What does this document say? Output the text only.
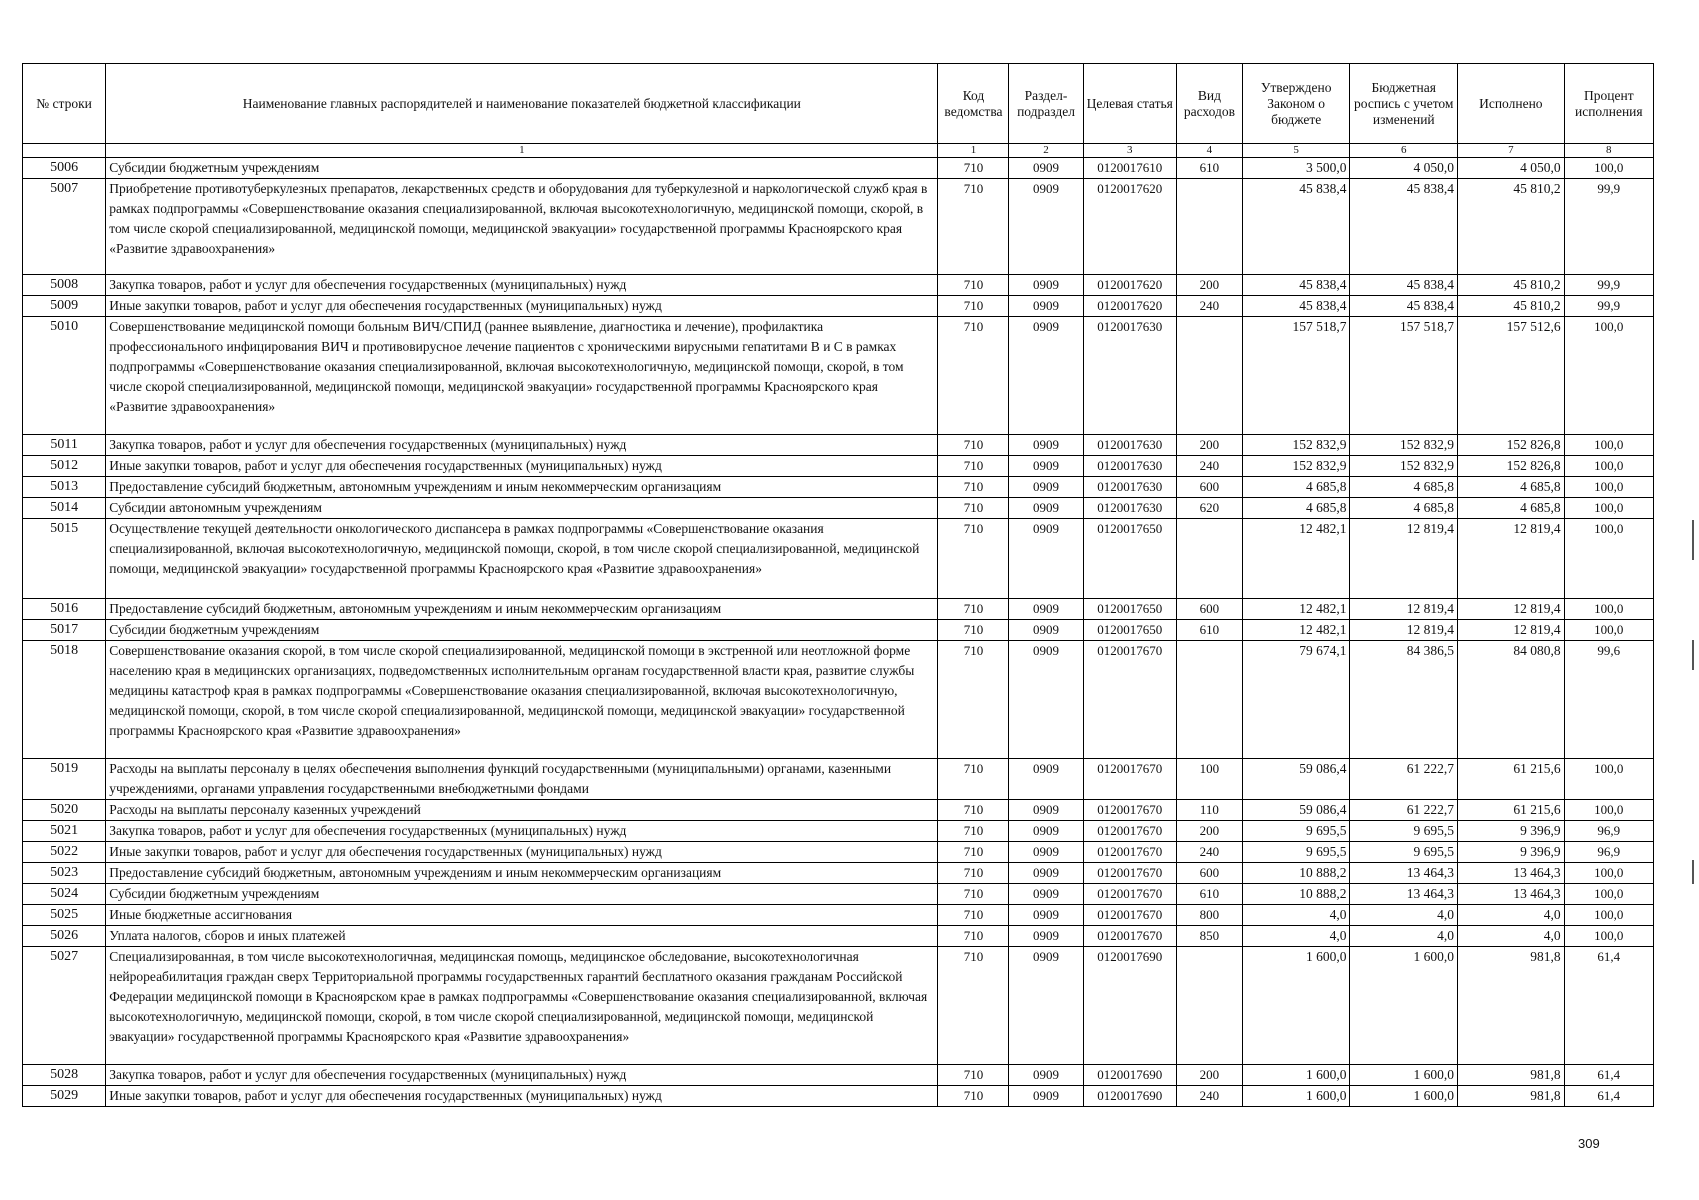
№ строки	Наименование главных распорядителей и наименование показателей бюджетной классификации	Код ведомства	Раздел-подраздел	Целевая статья	Вид расходов	Утверждено Законом о бюджете	Бюджетная роспись с учетом изменений	Исполнено	Процент исполнения
	1	1	2	3	4	5	6	7	8
5006	Субсидии бюджетным учреждениям	710	0909	0120017610	610	3 500,0	4 050,0	4 050,0	100,0
5007	Приобретение противотуберкулезных препаратов, лекарственных средств и оборудования для туберкулезной и наркологической служб края в рамках подпрограммы «Совершенствование оказания специализированной, включая высокотехнологичную, медицинской помощи, скорой, в том числе скорой специализированной, медицинской помощи, медицинской эвакуации» государственной программы Красноярского края «Развитие здравоохранения»	710	0909	0120017620		45 838,4	45 838,4	45 810,2	99,9
5008	Закупка товаров, работ и услуг для обеспечения государственных (муниципальных) нужд	710	0909	0120017620	200	45 838,4	45 838,4	45 810,2	99,9
5009	Иные закупки товаров, работ и услуг для обеспечения государственных (муниципальных) нужд	710	0909	0120017620	240	45 838,4	45 838,4	45 810,2	99,9
5010	Совершенствование медицинской помощи больным ВИЧ/СПИД (раннее выявление, диагностика и лечение), профилактика профессионального инфицирования ВИЧ и противовирусное лечение пациентов с хроническими вирусными гепатитами В и С в рамках подпрограммы «Совершенствование оказания специализированной, включая высокотехнологичную, медицинской помощи, скорой, в том числе скорой специализированной, медицинской помощи, медицинской эвакуации» государственной программы Красноярского края «Развитие здравоохранения»	710	0909	0120017630		157 518,7	157 518,7	157 512,6	100,0
5011	Закупка товаров, работ и услуг для обеспечения государственных (муниципальных) нужд	710	0909	0120017630	200	152 832,9	152 832,9	152 826,8	100,0
5012	Иные закупки товаров, работ и услуг для обеспечения государственных (муниципальных) нужд	710	0909	0120017630	240	152 832,9	152 832,9	152 826,8	100,0
5013	Предоставление субсидий бюджетным, автономным учреждениям и иным некоммерческим организациям	710	0909	0120017630	600	4 685,8	4 685,8	4 685,8	100,0
5014	Субсидии автономным учреждениям	710	0909	0120017630	620	4 685,8	4 685,8	4 685,8	100,0
5015	Осуществление текущей деятельности онкологического диспансера в рамках подпрограммы «Совершенствование оказания специализированной, включая высокотехнологичную, медицинской помощи, скорой, в том числе скорой специализированной, медицинской помощи, медицинской эвакуации» государственной программы Красноярского края «Развитие здравоохранения»	710	0909	0120017650		12 482,1	12 819,4	12 819,4	100,0
5016	Предоставление субсидий бюджетным, автономным учреждениям и иным некоммерческим организациям	710	0909	0120017650	600	12 482,1	12 819,4	12 819,4	100,0
5017	Субсидии бюджетным учреждениям	710	0909	0120017650	610	12 482,1	12 819,4	12 819,4	100,0
5018	Совершенствование оказания скорой, в том числе скорой специализированной, медицинской помощи в экстренной или неотложной форме населению края в медицинских организациях, подведомственных исполнительным органам государственной власти края, развитие службы медицины катастроф края в рамках подпрограммы «Совершенствование оказания специализированной, включая высокотехнологичную, медицинской помощи, скорой, в том числе скорой специализированной, медицинской помощи, медицинской эвакуации» государственной программы Красноярского края «Развитие здравоохранения»	710	0909	0120017670		79 674,1	84 386,5	84 080,8	99,6
5019	Расходы на выплаты персоналу в целях обеспечения выполнения функций государственными (муниципальными) органами, казенными учреждениями, органами управления государственными внебюджетными фондами	710	0909	0120017670	100	59 086,4	61 222,7	61 215,6	100,0
5020	Расходы на выплаты персоналу казенных учреждений	710	0909	0120017670	110	59 086,4	61 222,7	61 215,6	100,0
5021	Закупка товаров, работ и услуг для обеспечения государственных (муниципальных) нужд	710	0909	0120017670	200	9 695,5	9 695,5	9 396,9	96,9
5022	Иные закупки товаров, работ и услуг для обеспечения государственных (муниципальных) нужд	710	0909	0120017670	240	9 695,5	9 695,5	9 396,9	96,9
5023	Предоставление субсидий бюджетным, автономным учреждениям и иным некоммерческим организациям	710	0909	0120017670	600	10 888,2	13 464,3	13 464,3	100,0
5024	Субсидии бюджетным учреждениям	710	0909	0120017670	610	10 888,2	13 464,3	13 464,3	100,0
5025	Иные бюджетные ассигнования	710	0909	0120017670	800	4,0	4,0	4,0	100,0
5026	Уплата налогов, сборов и иных платежей	710	0909	0120017670	850	4,0	4,0	4,0	100,0
5027	Специализированная, в том числе высокотехнологичная, медицинская помощь, медицинское обследование, высокотехнологичная нейрореабилитация граждан сверх Территориальной программы государственных гарантий бесплатного оказания гражданам Российской Федерации медицинской помощи в Красноярском крае в рамках подпрограммы «Совершенствование оказания специализированной, включая высокотехнологичную, медицинской помощи, скорой, в том числе скорой специализированной, медицинской помощи, медицинской эвакуации» государственной программы Красноярского края «Развитие здравоохранения»	710	0909	0120017690		1 600,0	1 600,0	981,8	61,4
5028	Закупка товаров, работ и услуг для обеспечения государственных (муниципальных) нужд	710	0909	0120017690	200	1 600,0	1 600,0	981,8	61,4
5029	Иные закупки товаров, работ и услуг для обеспечения государственных (муниципальных) нужд	710	0909	0120017690	240	1 600,0	1 600,0	981,8	61,4
309
